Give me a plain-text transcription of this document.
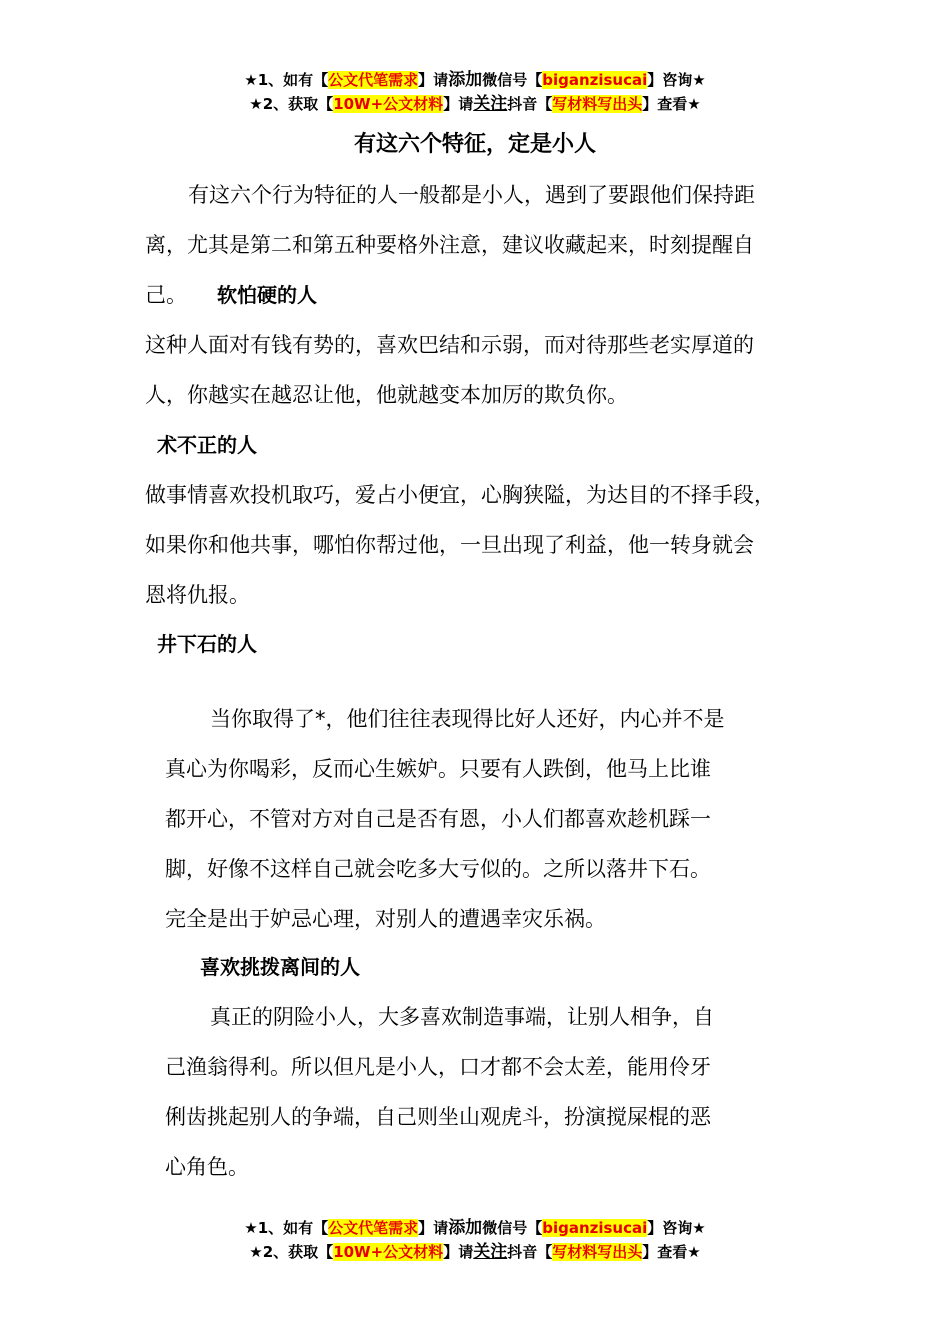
★1、如有【公文代笔需求】请添加微信号【biganzisucai】咨询★
★2、获取【10W+公文材料】请关注抖音【写材料写出头】查看★
有这六个特征，定是小人

有这六个行为特征的人一般都是小人，遇到了要跟他们保持距

离，尤其是第二和第五种要格外注意，建议收藏起来，时刻提醒自

己。 软怕硬的人

这种人面对有钱有势的，喜欢巴结和示弱，而对待那些老实厚道的

人，你越实在越忍让他，他就越变本加厉的欺负你。

术不正的人

做事情喜欢投机取巧，爱占小便宜，心胸狭隘，为达目的不择手段，

如果你和他共事，哪怕你帮过他，一旦出现了利益，他一转身就会

恩将仇报。

井下石的人

当你取得了*，他们往往表现得比好人还好，内心并不是

真心为你喝彩，反而心生嫉妒。只要有人跌倒，他马上比谁

都开心，不管对方对自己是否有恩，小人们都喜欢趁机踩一

脚，好像不这样自己就会吃多大亏似的。之所以落井下石。

完全是出于妒忌心理，对别人的遭遇幸灾乐祸。

喜欢挑拨离间的人

真正的阴险小人，大多喜欢制造事端，让别人相争，自

己渔翁得利。所以但凡是小人，口才都不会太差，能用伶牙

俐齿挑起别人的争端，自己则坐山观虎斗，扮演搅屎棍的恶

心角色。

★1、如有【公文代笔需求】请添加微信号【biganzisucai】咨询★
★2、获取【10W+公文材料】请关注抖音【写材料写出头】查看★
